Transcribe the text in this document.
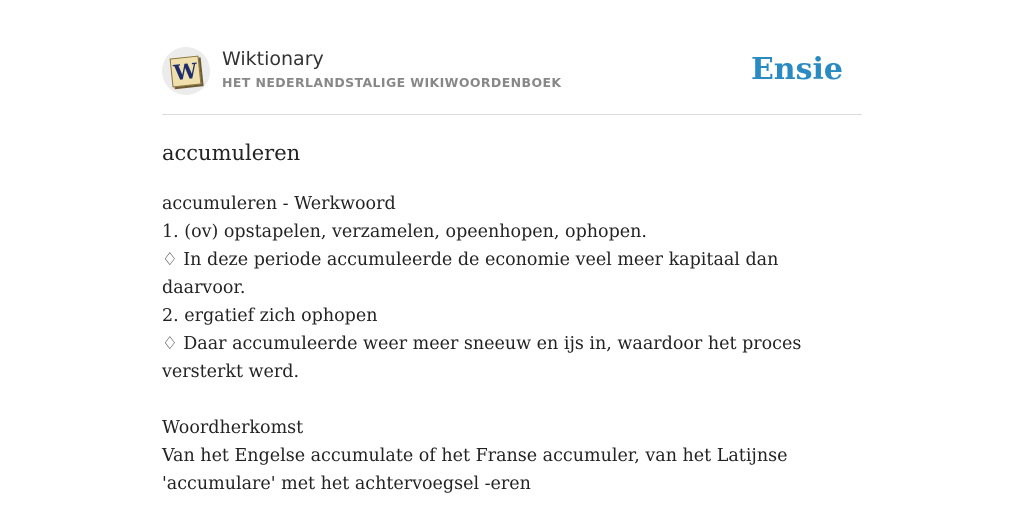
W Wiktionary
HET NEDERLANDSTALIGE WIKIWOORDENBOEK	Ensie
accumuleren

accumuleren - Werkwoord

1. (ov) opstapelen, verzamelen, opeenhopen, ophopen.

♢ In deze periode accumuleerde de economie veel meer kapitaal dan daarvoor.

2. ergatief zich ophopen

♢ Daar accumuleerde weer meer sneeuw en ijs in, waardoor het proces versterkt werd.

Woordherkomst

Van het Engelse accumulate of het Franse accumuler, van het Latijnse 'accumulare' met het achtervoegsel -eren
